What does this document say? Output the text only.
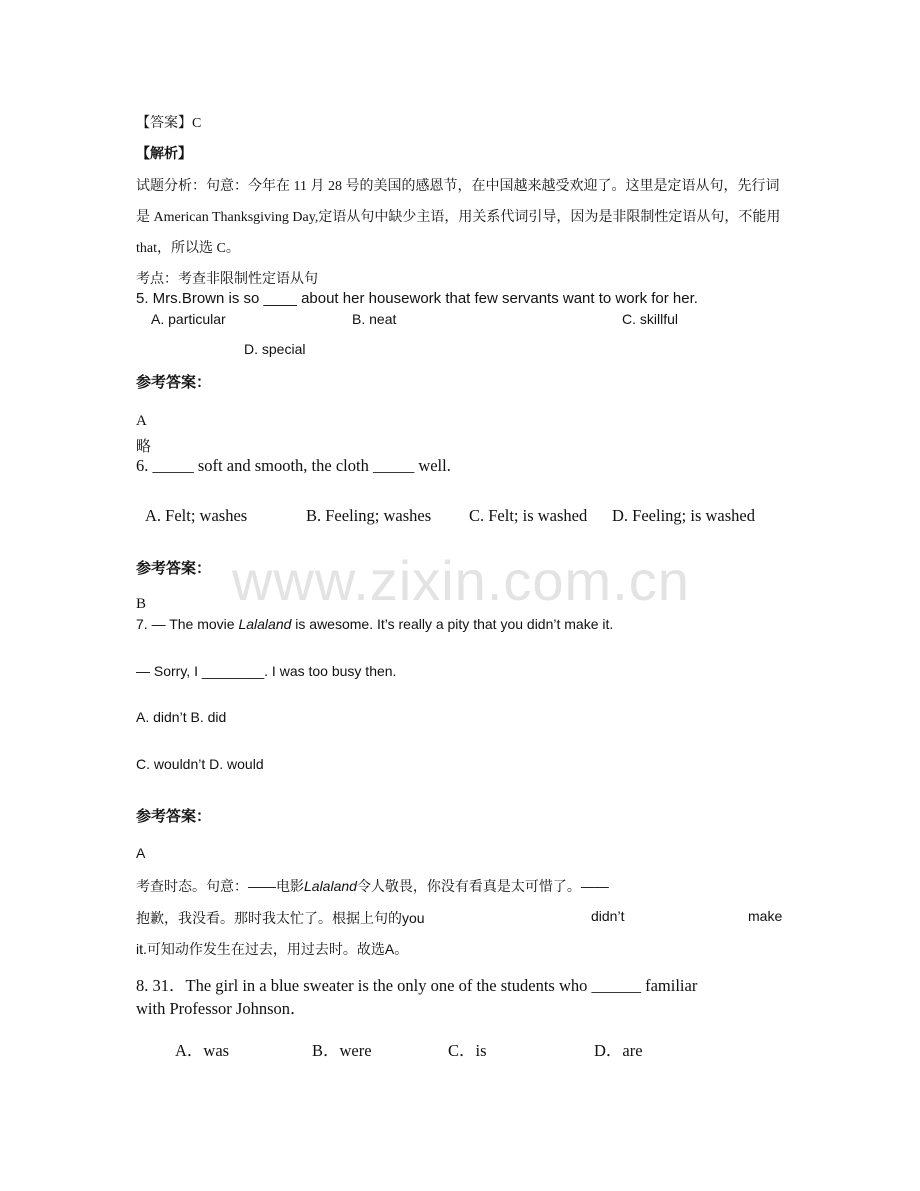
www.zixin.com.cn
【答案】C
【解析】
试题分析：句意：今年在 11 月 28 号的美国的感恩节，在中国越来越受欢迎了。这里是定语从句，先行词
是 American Thanksgiving Day,定语从句中缺少主语，用关系代词引导，因为是非限制性定语从句，不能用
that，所以选 C。
考点：考查非限制性定语从句
5. Mrs.Brown is so ____ about her housework that few servants want to work for her.
A. particular	B. neat	C. skillful
D. special
参考答案：
A
略
6. _____ soft and smooth, the cloth _____ well.
A. Felt; washes	B. Feeling; washes C. Felt; is washed D. Feeling; is washed
参考答案：
B
7. — The movie Lalaland is awesome. It’s really a pity that you didn’t make it.
— Sorry, I ________. I was too busy then.
A. didn’t B. did
C. wouldn’t D. would
参考答案：
A
考查时态。句意：——电影Lalaland令人敬畏，你没有看真是太可惜了。——
抱歉，我没看。那时我太忙了。根据上句的you	didn’t	make
it.可知动作发生在过去，用过去时。故选A。
8. 31．The girl in a blue sweater is the only one of the students who ______ familiar
with Professor Johnson．
A．was	B．were	C．is	D．are
